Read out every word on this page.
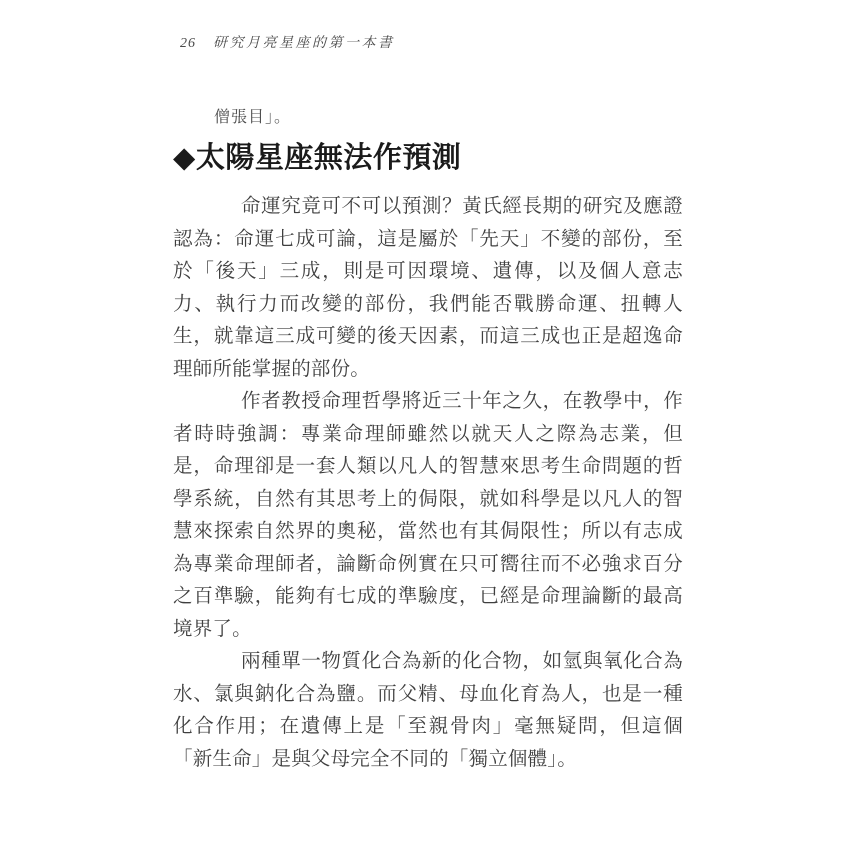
26 研究月亮星座的第一本書

僧張目」。

◆太陽星座無法作預測

命運究竟可不可以預測？黃氏經長期的研究及應證認為：命運七成可論，這是屬於「先天」不變的部份，至於「後天」三成，則是可因環境、遺傳，以及個人意志力、執行力而改變的部份，我們能否戰勝命運、扭轉人生，就靠這三成可變的後天因素，而這三成也正是超逸命理師所能掌握的部份。

作者教授命理哲學將近三十年之久，在教學中，作者時時強調：專業命理師雖然以就天人之際為志業，但是，命理卻是一套人類以凡人的智慧來思考生命問題的哲學系統，自然有其思考上的侷限，就如科學是以凡人的智慧來探索自然界的奧秘，當然也有其侷限性；所以有志成為專業命理師者，論斷命例實在只可嚮往而不必強求百分之百準驗，能夠有七成的準驗度，已經是命理論斷的最高境界了。

兩種單一物質化合為新的化合物，如氫與氧化合為水、氯與鈉化合為鹽。而父精、母血化育為人，也是一種化合作用；在遺傳上是「至親骨肉」毫無疑問，但這個「新生命」是與父母完全不同的「獨立個體」。
